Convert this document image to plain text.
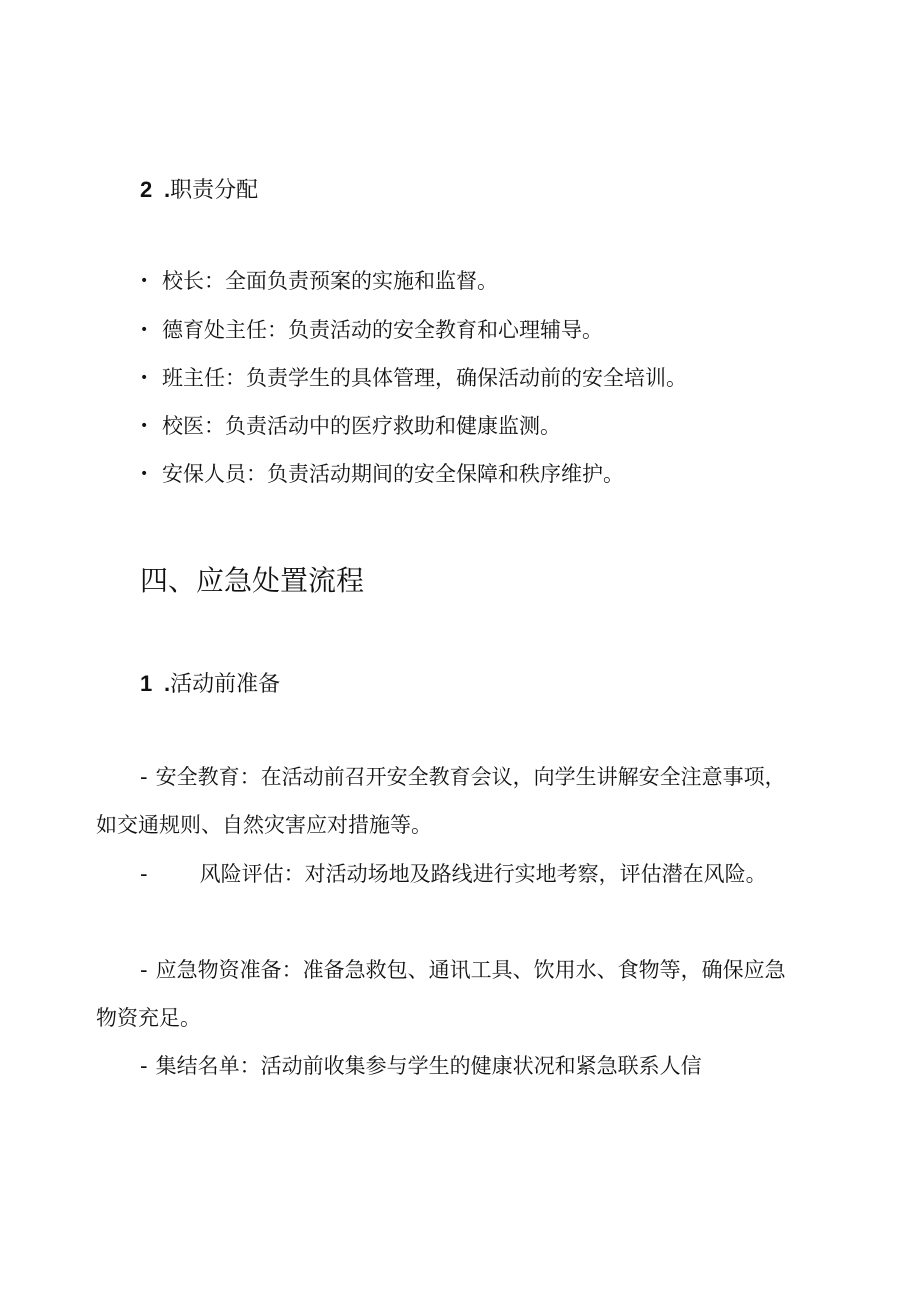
2 .职责分配
• 校长：全面负责预案的实施和监督。
• 德育处主任：负责活动的安全教育和心理辅导。
• 班主任：负责学生的具体管理，确保活动前的安全培训。
• 校医：负责活动中的医疗救助和健康监测。
• 安保人员：负责活动期间的安全保障和秩序维护。
四、应急处置流程
1 .活动前准备
- 安全教育：在活动前召开安全教育会议，向学生讲解安全注意事项，如交通规则、自然灾害应对措施等。
- 风险评估：对活动场地及路线进行实地考察，评估潜在风险。
- 应急物资准备：准备急救包、通讯工具、饮用水、食物等，确保应急物资充足。
- 集结名单：活动前收集参与学生的健康状况和紧急联系人信
